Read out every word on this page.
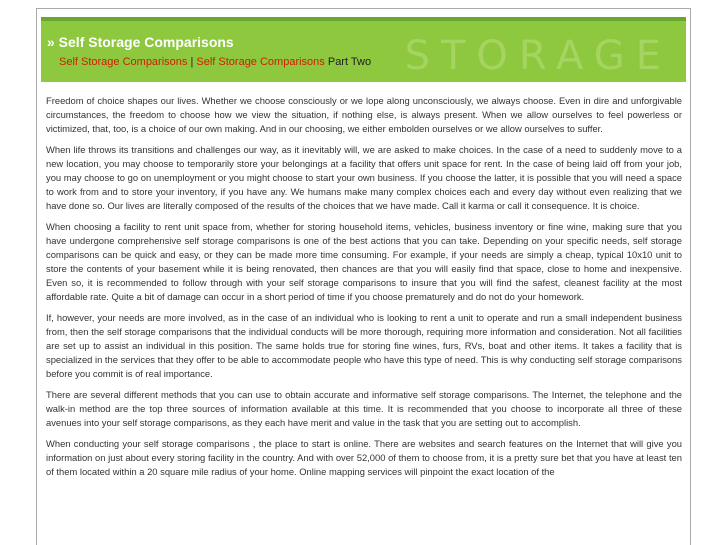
STORAGE
» Self Storage Comparisons
Self Storage Comparisons | Self Storage Comparisons Part Two

Freedom of choice shapes our lives. Whether we choose consciously or we lope along unconsciously, we always choose. Even in dire and unforgivable circumstances, the freedom to choose how we view the situation, if nothing else, is always present. When we allow ourselves to feel powerless or victimized, that, too, is a choice of our own making. And in our choosing, we either embolden ourselves or we allow ourselves to suffer.

When life throws its transitions and challenges our way, as it inevitably will, we are asked to make choices. In the case of a need to suddenly move to a new location, you may choose to temporarily store your belongings at a facility that offers unit space for rent. In the case of being laid off from your job, you may choose to go on unemployment or you might choose to start your own business. If you choose the latter, it is possible that you will need a space to work from and to store your inventory, if you have any. We humans make many complex choices each and every day without even realizing that we have done so. Our lives are literally composed of the results of the choices that we have made. Call it karma or call it consequence. It is choice.

When choosing a facility to rent unit space from, whether for storing household items, vehicles, business inventory or fine wine, making sure that you have undergone comprehensive self storage comparisons is one of the best actions that you can take. Depending on your specific needs, self storage comparisons can be quick and easy, or they can be made more time consuming. For example, if your needs are simply a cheap, typical 10x10 unit to store the contents of your basement while it is being renovated, then chances are that you will easily find that space, close to home and inexpensive. Even so, it is recommended to follow through with your self storage comparisons to insure that you will find the safest, cleanest facility at the most affordable rate. Quite a bit of damage can occur in a short period of time if you choose prematurely and do not do your homework.

If, however, your needs are more involved, as in the case of an individual who is looking to rent a unit to operate and run a small independent business from, then the self storage comparisons that the individual conducts will be more thorough, requiring more information and consideration. Not all facilities are set up to assist an individual in this position. The same holds true for storing fine wines, furs, RVs, boat and other items. It takes a facility that is specialized in the services that they offer to be able to accommodate people who have this type of need. This is why conducting self storage comparisons before you commit is of real importance.

There are several different methods that you can use to obtain accurate and informative self storage comparisons. The Internet, the telephone and the walk-in method are the top three sources of information available at this time. It is recommended that you choose to incorporate all three of these avenues into your self storage comparisons, as they each have merit and value in the task that you are setting out to accomplish.

When conducting your self storage comparisons , the place to start is online. There are websites and search features on the Internet that will give you information on just about every storing facility in the country. And with over 52,000 of them to choose from, it is a pretty sure bet that you have at least ten of them located within a 20 square mile radius of your home. Online mapping services will pinpoint the exact location of the
